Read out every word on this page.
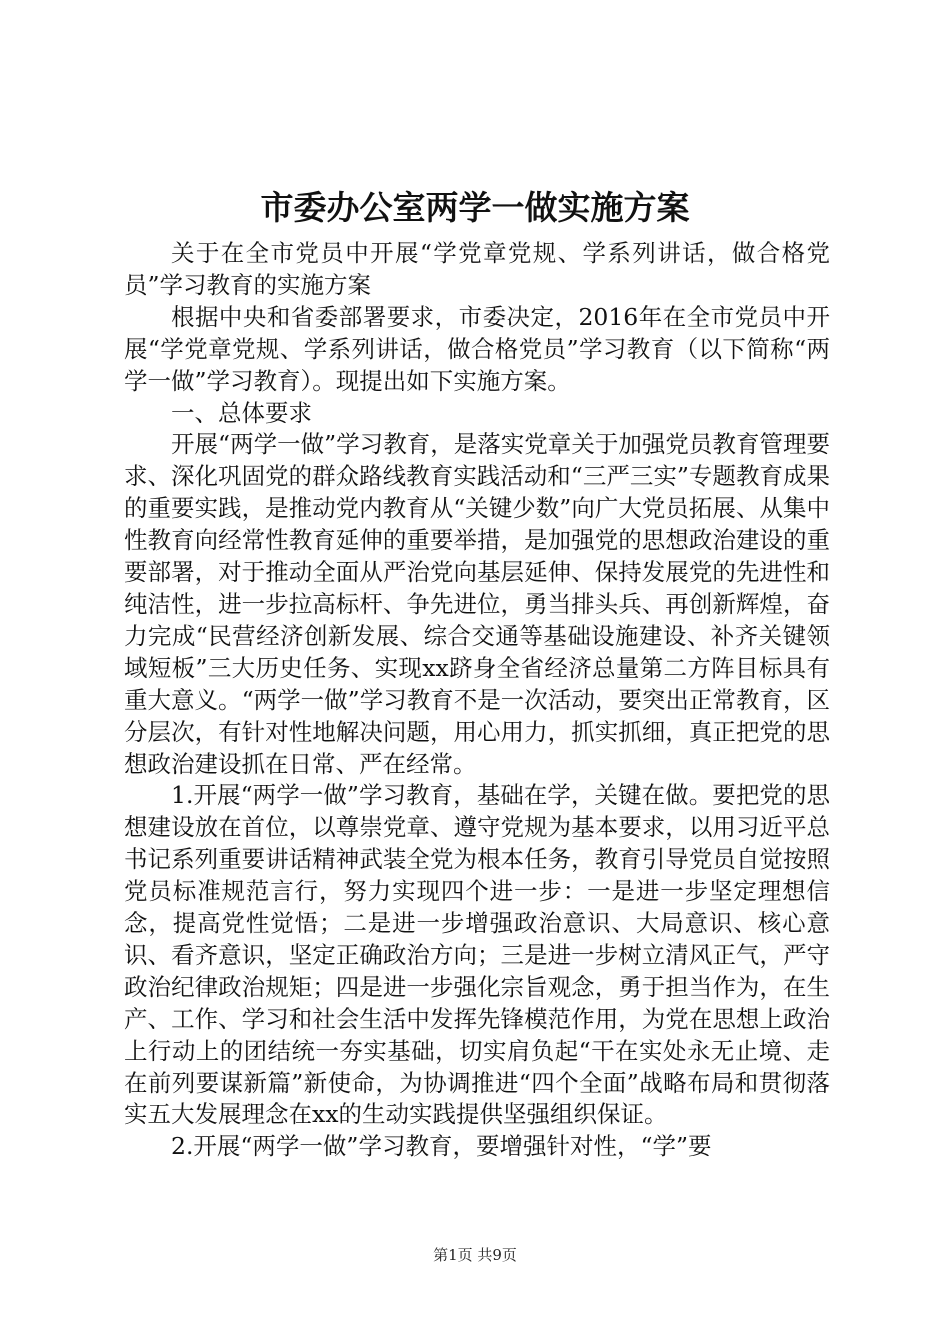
市委办公室两学一做实施方案

关于在全市党员中开展“学党章党规、学系列讲话，做合格党员”学习教育的实施方案

根据中央和省委部署要求，市委决定，2016年在全市党员中开展“学党章党规、学系列讲话，做合格党员”学习教育（以下简称“两学一做”学习教育）。现提出如下实施方案。

一、总体要求

开展“两学一做”学习教育，是落实党章关于加强党员教育管理要求、深化巩固党的群众路线教育实践活动和“三严三实”专题教育成果的重要实践，是推动党内教育从“关键少数”向广大党员拓展、从集中性教育向经常性教育延伸的重要举措，是加强党的思想政治建设的重要部署，对于推动全面从严治党向基层延伸、保持发展党的先进性和纯洁性，进一步拉高标杆、争先进位，勇当排头兵、再创新辉煌，奋力完成“民营经济创新发展、综合交通等基础设施建设、补齐关键领域短板”三大历史任务、实现xx跻身全省经济总量第二方阵目标具有重大意义。“两学一做”学习教育不是一次活动，要突出正常教育，区分层次，有针对性地解决问题，用心用力，抓实抓细，真正把党的思想政治建设抓在日常、严在经常。

1.开展“两学一做”学习教育，基础在学，关键在做。要把党的思想建设放在首位，以尊崇党章、遵守党规为基本要求，以用习近平总书记系列重要讲话精神武装全党为根本任务，教育引导党员自觉按照党员标准规范言行，努力实现四个进一步：一是进一步坚定理想信念，提高党性觉悟；二是进一步增强政治意识、大局意识、核心意识、看齐意识，坚定正确政治方向；三是进一步树立清风正气，严守政治纪律政治规矩；四是进一步强化宗旨观念，勇于担当作为，在生产、工作、学习和社会生活中发挥先锋模范作用，为党在思想上政治上行动上的团结统一夯实基础，切实肩负起“干在实处永无止境、走在前列要谋新篇”新使命，为协调推进“四个全面”战略布局和贯彻落实五大发展理念在xx的生动实践提供坚强组织保证。

2.开展“两学一做”学习教育，要增强针对性，“学”要

第1页 共9页
